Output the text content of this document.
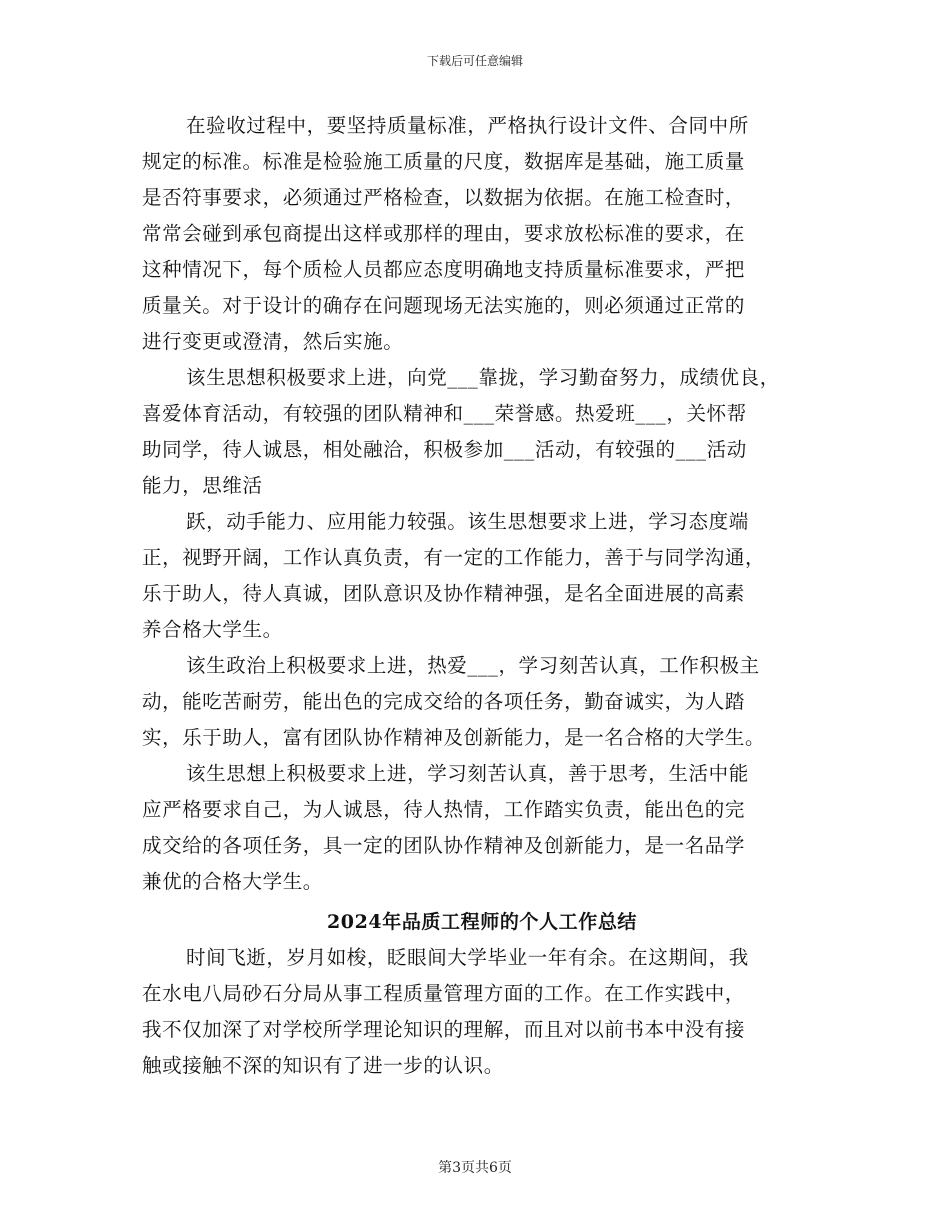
下载后可任意编辑
在验收过程中，要坚持质量标准，严格执行设计文件、合同中所
规定的标准。标准是检验施工质量的尺度，数据库是基础，施工质量
是否符事要求，必须通过严格检查，以数据为依据。在施工检查时，
常常会碰到承包商提出这样或那样的理由，要求放松标准的要求，在
这种情况下，每个质检人员都应态度明确地支持质量标准要求，严把
质量关。对于设计的确存在问题现场无法实施的，则必须通过正常的
进行变更或澄清，然后实施。
该生思想积极要求上进，向党___靠拢，学习勤奋努力，成绩优良，
喜爱体育活动，有较强的团队精神和___荣誉感。热爱班___，关怀帮
助同学，待人诚恳，相处融洽，积极参加___活动，有较强的___活动
能力，思维活
跃，动手能力、应用能力较强。该生思想要求上进，学习态度端
正，视野开阔，工作认真负责，有一定的工作能力，善于与同学沟通，
乐于助人，待人真诚，团队意识及协作精神强，是名全面进展的高素
养合格大学生。
该生政治上积极要求上进，热爱___，学习刻苦认真，工作积极主
动，能吃苦耐劳，能出色的完成交给的各项任务，勤奋诚实，为人踏
实，乐于助人，富有团队协作精神及创新能力，是一名合格的大学生。
该生思想上积极要求上进，学习刻苦认真，善于思考，生活中能
应严格要求自己，为人诚恳，待人热情，工作踏实负责，能出色的完
成交给的各项任务，具一定的团队协作精神及创新能力，是一名品学
兼优的合格大学生。
2024年品质工程师的个人工作总结
时间飞逝，岁月如梭，眨眼间大学毕业一年有余。在这期间，我
在水电八局砂石分局从事工程质量管理方面的工作。在工作实践中，
我不仅加深了对学校所学理论知识的理解，而且对以前书本中没有接
触或接触不深的知识有了进一步的认识。
第3页共6页
